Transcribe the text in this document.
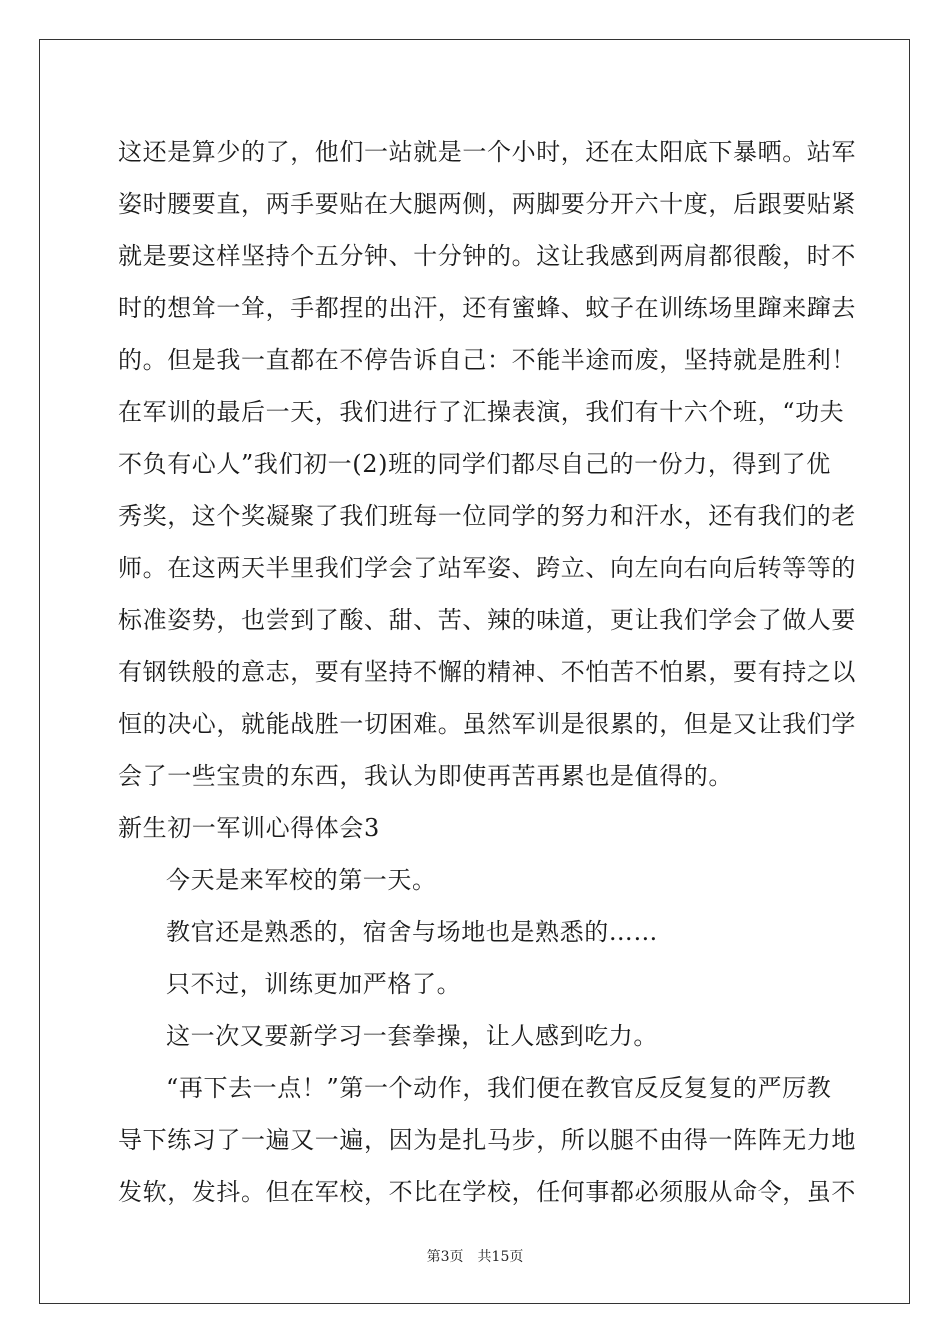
这还是算少的了，他们一站就是一个小时，还在太阳底下暴晒。站军
姿时腰要直，两手要贴在大腿两侧，两脚要分开六十度，后跟要贴紧
就是要这样坚持个五分钟、十分钟的。这让我感到两肩都很酸，时不
时的想耸一耸，手都捏的出汗，还有蜜蜂、蚊子在训练场里蹿来蹿去
的。但是我一直都在不停告诉自己：不能半途而废，坚持就是胜利！
在军训的最后一天，我们进行了汇操表演，我们有十六个班，“功夫
不负有心人”我们初一(2)班的同学们都尽自己的一份力，得到了优
秀奖，这个奖凝聚了我们班每一位同学的努力和汗水，还有我们的老
师。在这两天半里我们学会了站军姿、跨立、向左向右向后转等等的
标准姿势，也尝到了酸、甜、苦、辣的味道，更让我们学会了做人要
有钢铁般的意志，要有坚持不懈的精神、不怕苦不怕累，要有持之以
恒的决心，就能战胜一切困难。虽然军训是很累的，但是又让我们学
会了一些宝贵的东西，我认为即使再苦再累也是值得的。
新生初一军训心得体会3
今天是来军校的第一天。
教官还是熟悉的，宿舍与场地也是熟悉的……
只不过，训练更加严格了。
这一次又要新学习一套拳操，让人感到吃力。
“再下去一点！”第一个动作，我们便在教官反反复复的严厉教
导下练习了一遍又一遍，因为是扎马步，所以腿不由得一阵阵无力地
发软，发抖。但在军校，不比在学校，任何事都必须服从命令，虽不
第3页 共15页
